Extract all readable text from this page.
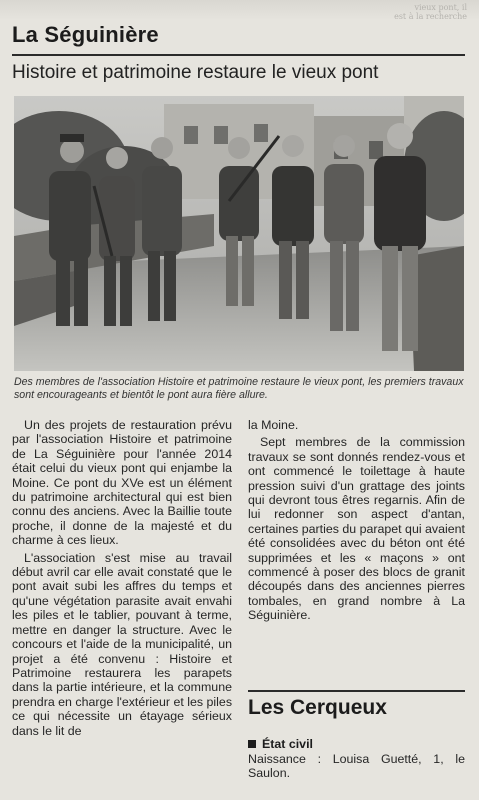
vieux pont, il
est à la recherche
La Séguinière
Histoire et patrimoine restaure le vieux pont
Des membres de l'association Histoire et patrimoine restaure le vieux pont, les premiers travaux sont encourageants et bientôt le pont aura fière allure.

Un des projets de restauration prévu par l'association Histoire et patrimoine de La Séguinière pour l'année 2014 était celui du vieux pont qui enjambe la Moine. Ce pont du XVe est un élément du patrimoine architectural qui est bien connu des anciens. Avec la Baillie toute proche, il donne de la majesté et du charme à ces lieux.

L'association s'est mise au travail début avril car elle avait constaté que le pont avait subi les affres du temps et qu'une végétation parasite avait envahi les piles et le tablier, pouvant à terme, mettre en danger la structure. Avec le concours et l'aide de la municipalité, un projet a été convenu : Histoire et Patrimoine restaurera les parapets dans la partie intérieure, et la commune prendra en charge l'extérieur et les piles ce qui nécessite un étayage sérieux dans le lit de

la Moine.

Sept membres de la commission travaux se sont donnés rendez-vous et ont commencé le toilettage à haute pression suivi d'un grattage des joints qui devront tous êtres regarnis. Afin de lui redonner son aspect d'antan, certaines parties du parapet qui avaient été consolidées avec du béton ont été supprimées et les « maçons » ont commencé à poser des blocs de granit découpés dans des anciennes pierres tombales, en grand nombre à La Séguinière.

Les Cerqueux
État civil
Naissance : Louisa Guetté, 1, le Saulon.
